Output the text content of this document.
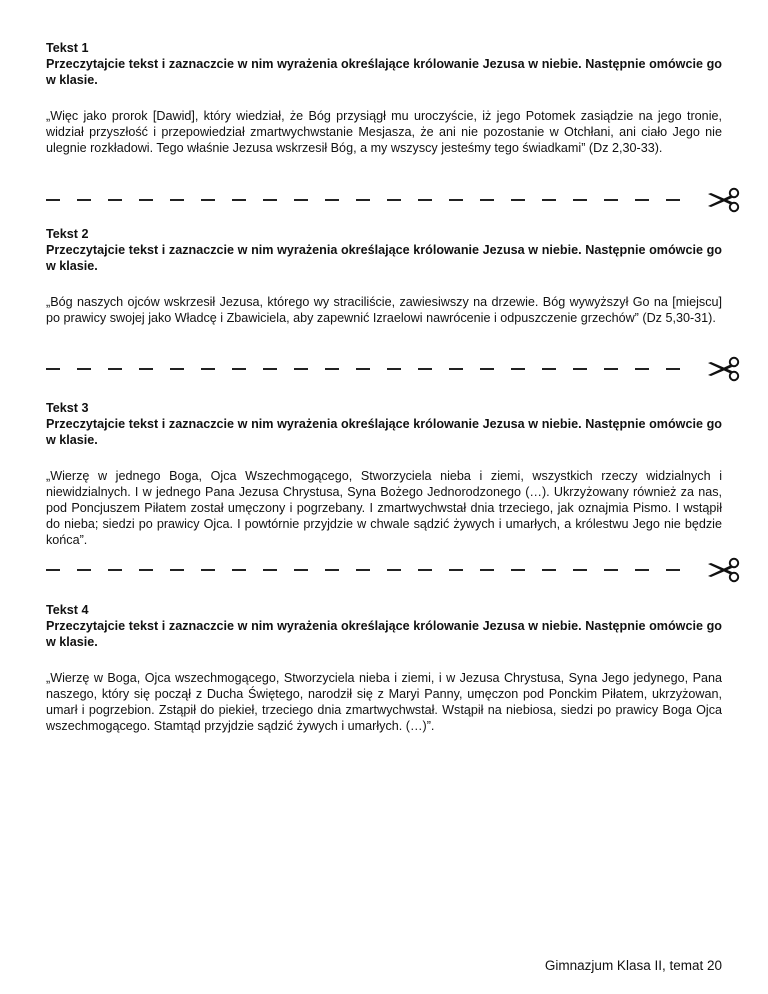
Tekst 1

Przeczytajcie tekst i zaznaczcie w nim wyrażenia określające królowanie Jezusa w niebie. Następnie omówcie go w klasie.

„Więc jako prorok [Dawid], który wiedział, że Bóg przysiągł mu uroczyście, iż jego Potomek zasiądzie na jego tronie, widział przyszłość i przepowiedział zmartwychwstanie Mesjasza, że ani nie pozostanie w Otchłani, ani ciało Jego nie ulegnie rozkładowi. Tego właśnie Jezusa wskrzesił Bóg, a my wszyscy jesteśmy tego świadkami” (Dz 2,30-33).

Tekst 2

Przeczytajcie tekst i zaznaczcie w nim wyrażenia określające królowanie Jezusa w niebie. Następnie omówcie go w klasie.

„Bóg naszych ojców wskrzesił Jezusa, którego wy straciliście, zawiesiwszy na drzewie. Bóg wywyższył Go na [miejscu] po prawicy swojej jako Władcę i Zbawiciela, aby zapewnić Izraelowi nawrócenie i odpuszczenie grzechów” (Dz 5,30-31).

Tekst 3

Przeczytajcie tekst i zaznaczcie w nim wyrażenia określające królowanie Jezusa w niebie. Następnie omówcie go w klasie.

„Wierzę w jednego Boga, Ojca Wszechmogącego, Stworzyciela nieba i ziemi, wszystkich rzeczy widzialnych i niewidzialnych. I w jednego Pana Jezusa Chrystusa, Syna Bożego Jednorodzonego (…). Ukrzyżowany również za nas, pod Poncjuszem Piłatem został umęczony i pogrzebany. I zmartwychwstał dnia trzeciego, jak oznajmia Pismo. I wstąpił do nieba; siedzi po prawicy Ojca. I powtórnie przyjdzie w chwale sądzić żywych i umarłych, a królestwu Jego nie będzie końca”.

Tekst 4

Przeczytajcie tekst i zaznaczcie w nim wyrażenia określające królowanie Jezusa w niebie. Następnie omówcie go w klasie.

„Wierzę w Boga, Ojca wszechmogącego, Stworzyciela nieba i ziemi, i w Jezusa Chrystusa, Syna Jego jedynego, Pana naszego, który się począł z Ducha Świętego, narodził się z Maryi Panny, umęczon pod Ponckim Piłatem, ukrzyżowan, umarł i pogrzebion. Zstąpił do piekieł, trzeciego dnia zmartwychwstał. Wstąpił na niebiosa, siedzi po prawicy Boga Ojca wszechmogącego. Stamtąd przyjdzie sądzić żywych i umarłych. (…)”.

Gimnazjum Klasa II, temat 20
